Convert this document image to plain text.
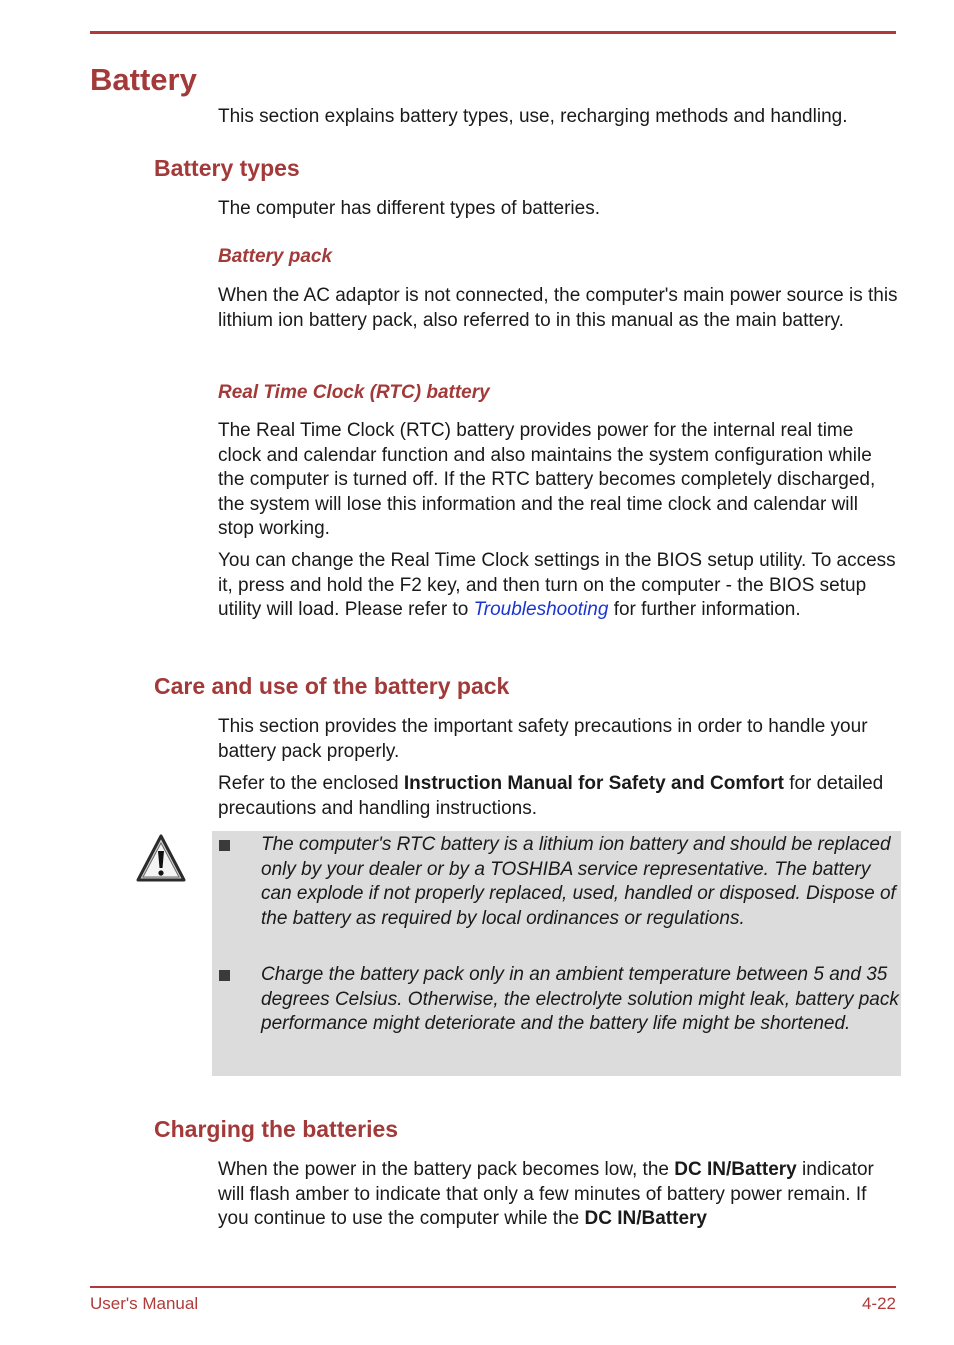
Battery

This section explains battery types, use, recharging methods and handling.

Battery types

The computer has different types of batteries.

Battery pack

When the AC adaptor is not connected, the computer's main power source is this lithium ion battery pack, also referred to in this manual as the main battery.

Real Time Clock (RTC) battery

The Real Time Clock (RTC) battery provides power for the internal real time clock and calendar function and also maintains the system configuration while the computer is turned off. If the RTC battery becomes completely discharged, the system will lose this information and the real time clock and calendar will stop working.

You can change the Real Time Clock settings in the BIOS setup utility. To access it, press and hold the F2 key, and then turn on the computer - the BIOS setup utility will load. Please refer to Troubleshooting for further information.

Care and use of the battery pack

This section provides the important safety precautions in order to handle your battery pack properly.

Refer to the enclosed Instruction Manual for Safety and Comfort for detailed precautions and handling instructions.

The computer's RTC battery is a lithium ion battery and should be replaced only by your dealer or by a TOSHIBA service representative. The battery can explode if not properly replaced, used, handled or disposed. Dispose of the battery as required by local ordinances or regulations.

Charge the battery pack only in an ambient temperature between 5 and 35 degrees Celsius. Otherwise, the electrolyte solution might leak, battery pack performance might deteriorate and the battery life might be shortened.

Charging the batteries

When the power in the battery pack becomes low, the DC IN/Battery indicator will flash amber to indicate that only a few minutes of battery power remain. If you continue to use the computer while the DC IN/Battery

User's Manual	4-22
